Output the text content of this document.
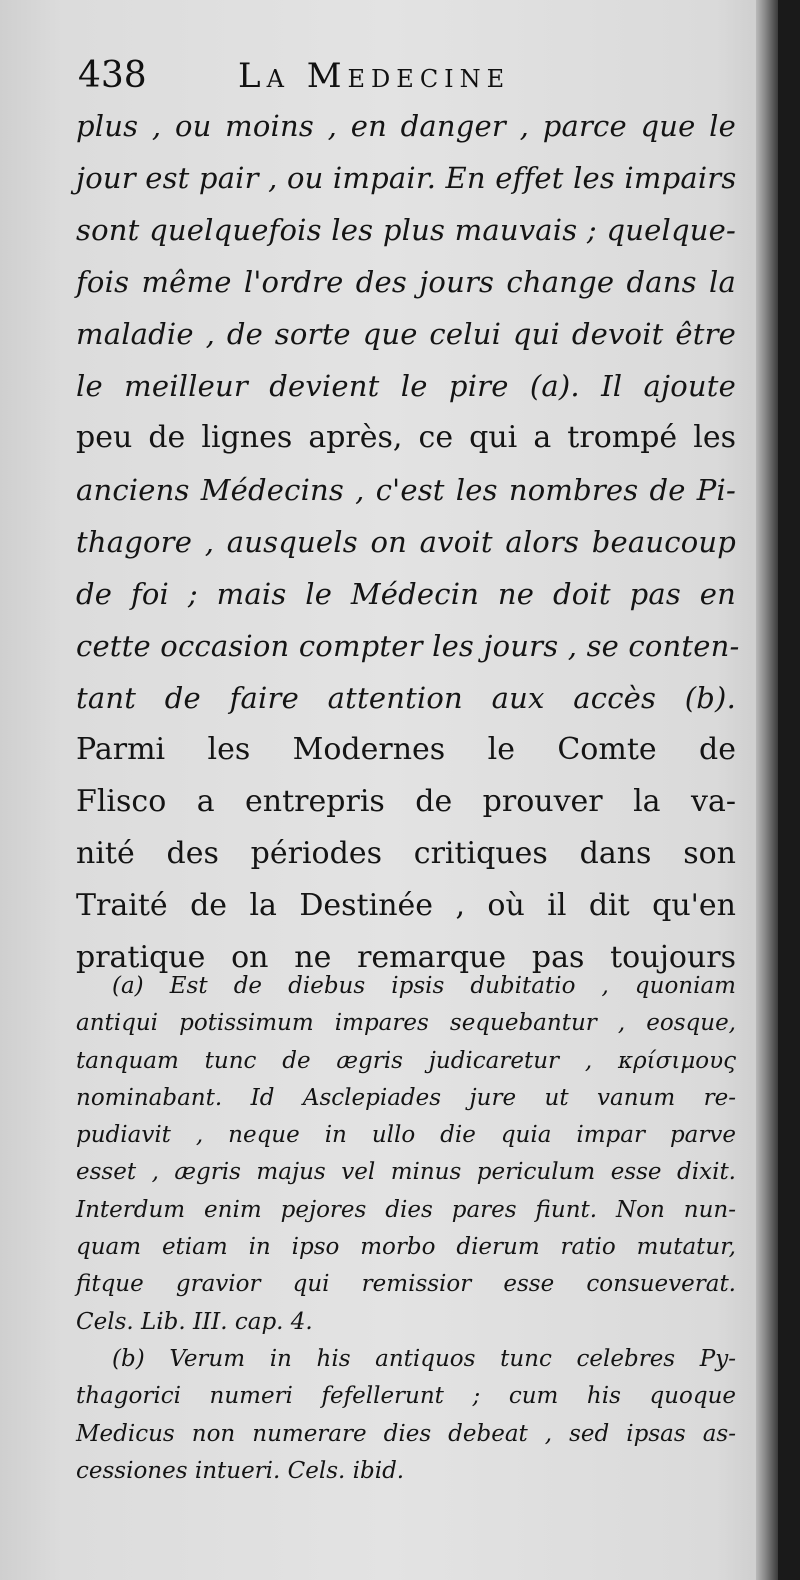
438	La Medecine
plus , ou moins , en danger , parce que le
jour est pair , ou impair. En effet les impairs
sont quelquefois les plus mauvais ; quelque-
fois même l'ordre des jours change dans la
maladie , de sorte que celui qui devoit être
le meilleur devient le pire (a). Il ajoute
peu de lignes après, ce qui a trompé les
anciens Médecins , c'est les nombres de Pi-
thagore , ausquels on avoit alors beaucoup
de foi ; mais le Médecin ne doit pas en
cette occasion compter les jours , se conten-
tant de faire attention aux accès (b).
Parmi les Modernes le Comte de
Flisco a entrepris de prouver la va-
nité des périodes critiques dans son
Traité de la Destinée , où il dit qu'en
pratique on ne remarque pas toujours
(a) Est de diebus ipsis dubitatio , quoniam
antiqui potissimum impares sequebantur , eosque,
tanquam tunc de ægris judicaretur , κρίσιμους
nominabant. Id Asclepiades jure ut vanum re-
pudiavit , neque in ullo die quia impar parve
esset , ægris majus vel minus periculum esse dixit.
Interdum enim pejores dies pares fiunt. Non nun-
quam etiam in ipso morbo dierum ratio mutatur,
fitque gravior qui remissior esse consueverat.
Cels. Lib. III. cap. 4.
(b) Verum in his antiquos tunc celebres Py-
thagorici numeri fefellerunt ; cum his quoque
Medicus non numerare dies debeat , sed ipsas as-
cessiones intueri. Cels. ibid.
